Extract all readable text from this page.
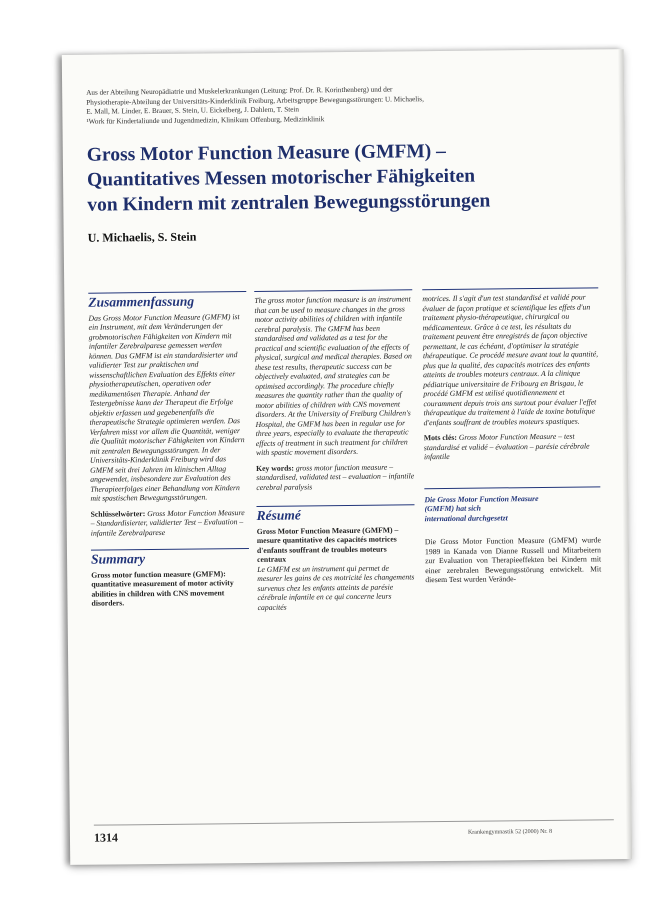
Aus der Abteilung Neuropädiatrie und Muskelerkrankungen (Leitung: Prof. Dr. R. Korinthenberg) und der
Physiotherapie-Abteilung der Universitäts-Kinderklinik Freiburg, Arbeitsgruppe Bewegungsstörungen: U. Michaelis,
E. Mall, M. Linder, E. Brauer, S. Stein, U. Eickelberg, J. Dahlem, T. Stein
¹Work für Kindertaliunde und Jugendmedizin, Klinikum Offenburg, Medizinklinik
Gross Motor Function Measure (GMFM) –
Quantitatives Messen motorischer Fähigkeiten
von Kindern mit zentralen Bewegungsstörungen
U. Michaelis, S. Stein
Zusammenfassung

Das Gross Motor Function Measure (GMFM) ist ein Instrument, mit dem Veränderungen der grobmotorischen Fähigkeiten von Kindern mit infantiler Zerebralparese gemessen werden können. Das GMFM ist ein standardisierter und validierter Test zur praktischen und wissenschaftlichen Evaluation des Effekts einer physiotherapeutischen, operativen oder medikamentösen Therapie. Anhand der Testergebnisse kann der Therapeut die Erfolge objektiv erfassen und gegebenenfalls die therapeutische Strategie optimieren werden. Das Verfahren misst vor allem die Quantität, weniger die Qualität motorischer Fähigkeiten von Kindern mit zentralen Bewegungsstörungen. In der Universitäts-Kinderklinik Freiburg wird das GMFM seit drei Jahren im klinischen Alltag angewendet, insbesondere zur Evaluation des Therapieerfolges einer Behandlung von Kindern mit spastischen Bewegungsstörungen.

Schlüsselwörter: Gross Motor Function Measure – Standardisierter, validierter Test – Evaluation – infantile Zerebralparese

Summary

Gross motor function measure (GMFM): quantitative measurement of motor activity abilities in children with CNS movement disorders.

The gross motor function measure is an instrument that can be used to measure changes in the gross motor activity abilities of children with infantile cerebral paralysis. The GMFM has been standardised and validated as a test for the practical and scientific evaluation of the effects of physical, surgical and medical therapies. Based on these test results, therapeutic success can be objectively evaluated, and strategies can be optimised accordingly. The procedure chiefly measures the quantity rather than the quality of motor abilities of children with CNS movement disorders. At the University of Freiburg Children's Hospital, the GMFM has been in regular use for three years, especially to evaluate the therapeutic effects of treatment in such treatment for children with spastic movement disorders.

Key words: gross motor function measure – standardised, validated test – evaluation – infantile cerebral paralysis

Résumé

Gross Motor Function Measure (GMFM) – mesure quantitative des capacités motrices d'enfants souffrant de troubles moteurs centraux

Le GMFM est un instrument qui permet de mesurer les gains de ces motricité les changements survenus chez les enfants atteints de parésie cérébrale infantile en ce qui concerne leurs capacités

motrices. Il s'agit d'un test standardisé et validé pour évaluer de façon pratique et scientifique les effets d'un traitement physio-thérapeutique, chirurgical ou médicamenteux. Grâce à ce test, les résultats du traitement peuvent être enregistrés de façon objective permettant, le cas échéant, d'optimiser la stratégie thérapeutique. Ce procédé mesure avant tout la quantité, plus que la qualité, des capacités motrices des enfants atteints de troubles moteurs centraux. A la clinique pédiatrique universitaire de Fribourg en Brisgau, le procédé GMFM est utilisé quotidiennement et couramment depuis trois ans surtout pour évaluer l'effet thérapeutique du traitement à l'aide de toxine botulique d'enfants souffrant de troubles moteurs spastiques.

Mots clés: Gross Motor Function Measure – test standardisé et validé – évaluation – parésie cérébrale infantile

Die Gross Motor Function Measure
(GMFM) hat sich
international durchgesetzt

Die Gross Motor Function Measure (GMFM) wurde 1989 in Kanada von Dianne Russell und Mitarbeitern zur Evaluation von Therapieeffekten bei Kindern mit einer zerebralen Bewegungsstörung entwickelt. Mit diesem Test wurden Verände-

1314	Krankengymnastik 52 (2000) Nr. 8
